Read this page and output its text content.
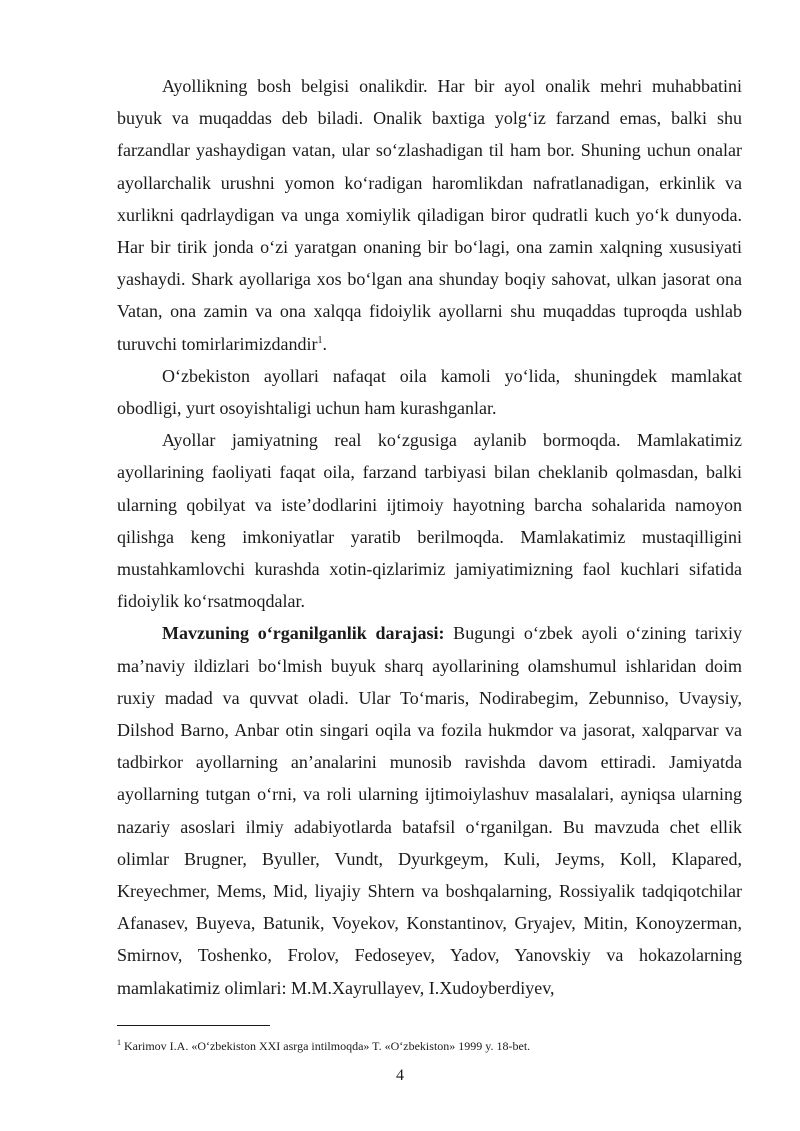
Ayollikning bosh belgisi onalikdir. Har bir ayol onalik mehri muhabbatini buyuk va muqaddas deb biladi. Onalik baxtiga yolg‘iz farzand emas, balki shu farzandlar yashaydigan vatan, ular so‘zlashadigan til ham bor. Shuning uchun onalar ayollarchalik urushni yomon ko‘radigan haromlikdan nafratlanadigan, erkinlik va xurlikni qadrlaydigan va unga xomiylik qiladigan biror qudratli kuch yo‘k dunyoda. Har bir tirik jonda o‘zi yaratgan onaning bir bo‘lagi, ona zamin xalqning xususiyati yashaydi. Shark ayollariga xos bo‘lgan ana shunday boqiy sahovat, ulkan jasorat ona Vatan, ona zamin va ona xalqqa fidoiylik ayollarni shu muqaddas tuproqda ushlab turuvchi tomirlarimizdandir$^1$.

O‘zbekiston ayollari nafaqat oila kamoli yo‘lida, shuningdek mamlakat obodligi, yurt osoyishtaligi uchun ham kurashganlar.

Ayollar jamiyatning real ko‘zgusiga aylanib bormoqda. Mamlakatimiz ayollarining faoliyati faqat oila, farzand tarbiyasi bilan cheklanib qolmasdan, balki ularning qobilyat va iste’dodlarini ijtimoiy hayotning barcha sohalarida namoyon qilishga keng imkoniyatlar yaratib berilmoqda. Mamlakatimiz mustaqilligini mustahkamlovchi kurashda xotin-qizlarimiz jamiyatimizning faol kuchlari sifatida fidoiylik ko‘rsatmoqdalar.

Mavzuning o‘rganilganlik darajasi: Bugungi o‘zbek ayoli o‘zining tarixiy ma’naviy ildizlari bo‘lmish buyuk sharq ayollarining olamshumul ishlaridan doim ruxiy madad va quvvat oladi. Ular To‘maris, Nodirabegim, Zebunniso, Uvaysiy, Dilshod Barno, Anbar otin singari oqila va fozila hukmdor va jasorat, xalqparvar va tadbirkor ayollarning an’analarini munosib ravishda davom ettiradi. Jamiyatda ayollarning tutgan o‘rni, va roli ularning ijtimoiylashuv masalalari, ayniqsa ularning nazariy asoslari ilmiy adabiyotlarda batafsil o‘rganilgan. Bu mavzuda chet ellik olimlar Brugner, Byuller, Vundt, Dyurkgeym, Kuli, Jeyms, Koll, Klapared, Kreyechmer, Mems, Mid, liyajiy Shtern va boshqalarning, Rossiyalik tadqiqotchilar Afanasev, Buyeva, Batunik, Voyekov, Konstantinov, Gryajev, Mitin, Konoyzerman, Smirnov, Toshenko, Frolov, Fedoseyev, Yadov, Yanovskiy va hokazolarning mamlakatimiz olimlari: M.M.Xayrullayev, I.Xudoyberdiyev,

$^1$ Karimov I.A. «O‘zbekiston XXI asrga intilmoqda» T. «O‘zbekiston» 1999 y. 18-bet.

4
